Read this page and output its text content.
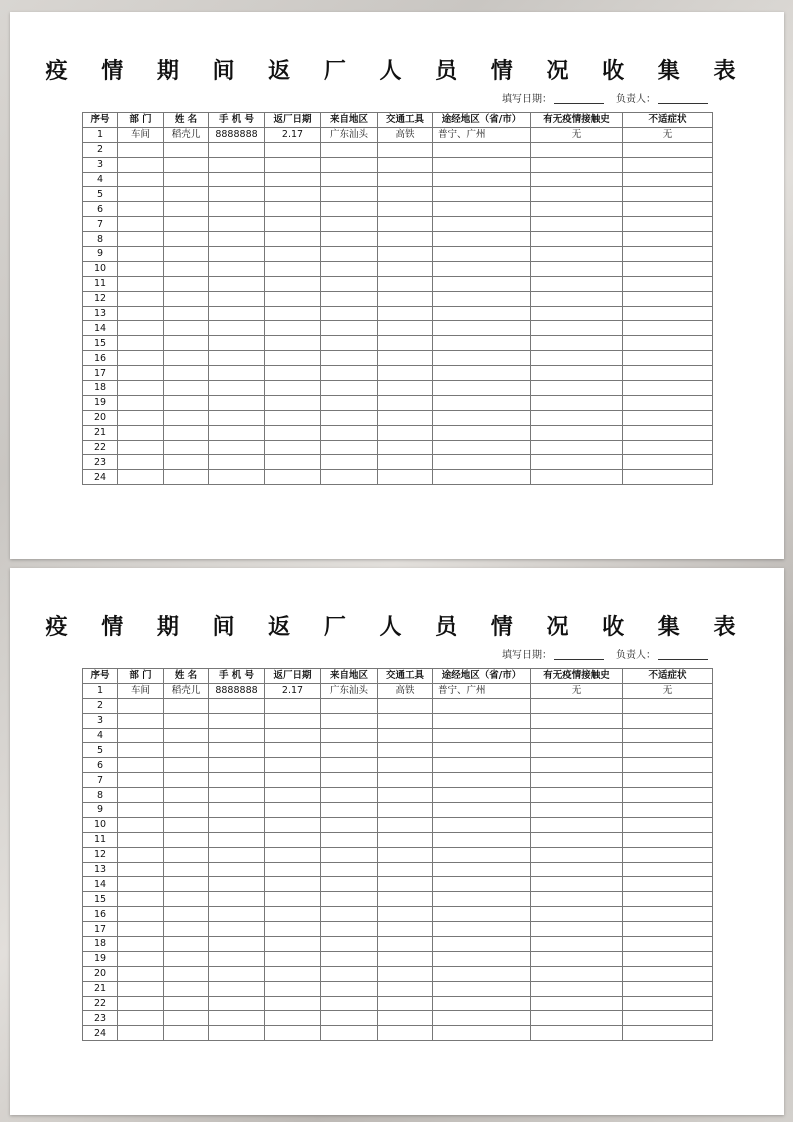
疫 情 期 间 返 厂 人 员 情 况 收 集 表
填写日期：	负责人：
序号	部 门	姓 名	手 机 号	返厂日期	来自地区	交通工具	途经地区（省/市）	有无疫情接触史	不适症状
1	车间	稻壳儿	8888888	2.17	广东汕头	高铁	普宁、广州	无	无
2									
3									
4									
5									
6									
7									
8									
9									
10									
11									
12									
13									
14									
15									
16									
17									
18									
19									
20									
21									
22									
23									
24									
疫 情 期 间 返 厂 人 员 情 况 收 集 表
填写日期：	负责人：
序号	部 门	姓 名	手 机 号	返厂日期	来自地区	交通工具	途经地区（省/市）	有无疫情接触史	不适症状
1	车间	稻壳儿	8888888	2.17	广东汕头	高铁	普宁、广州	无	无
2									
3									
4									
5									
6									
7									
8									
9									
10									
11									
12									
13									
14									
15									
16									
17									
18									
19									
20									
21									
22									
23									
24									
